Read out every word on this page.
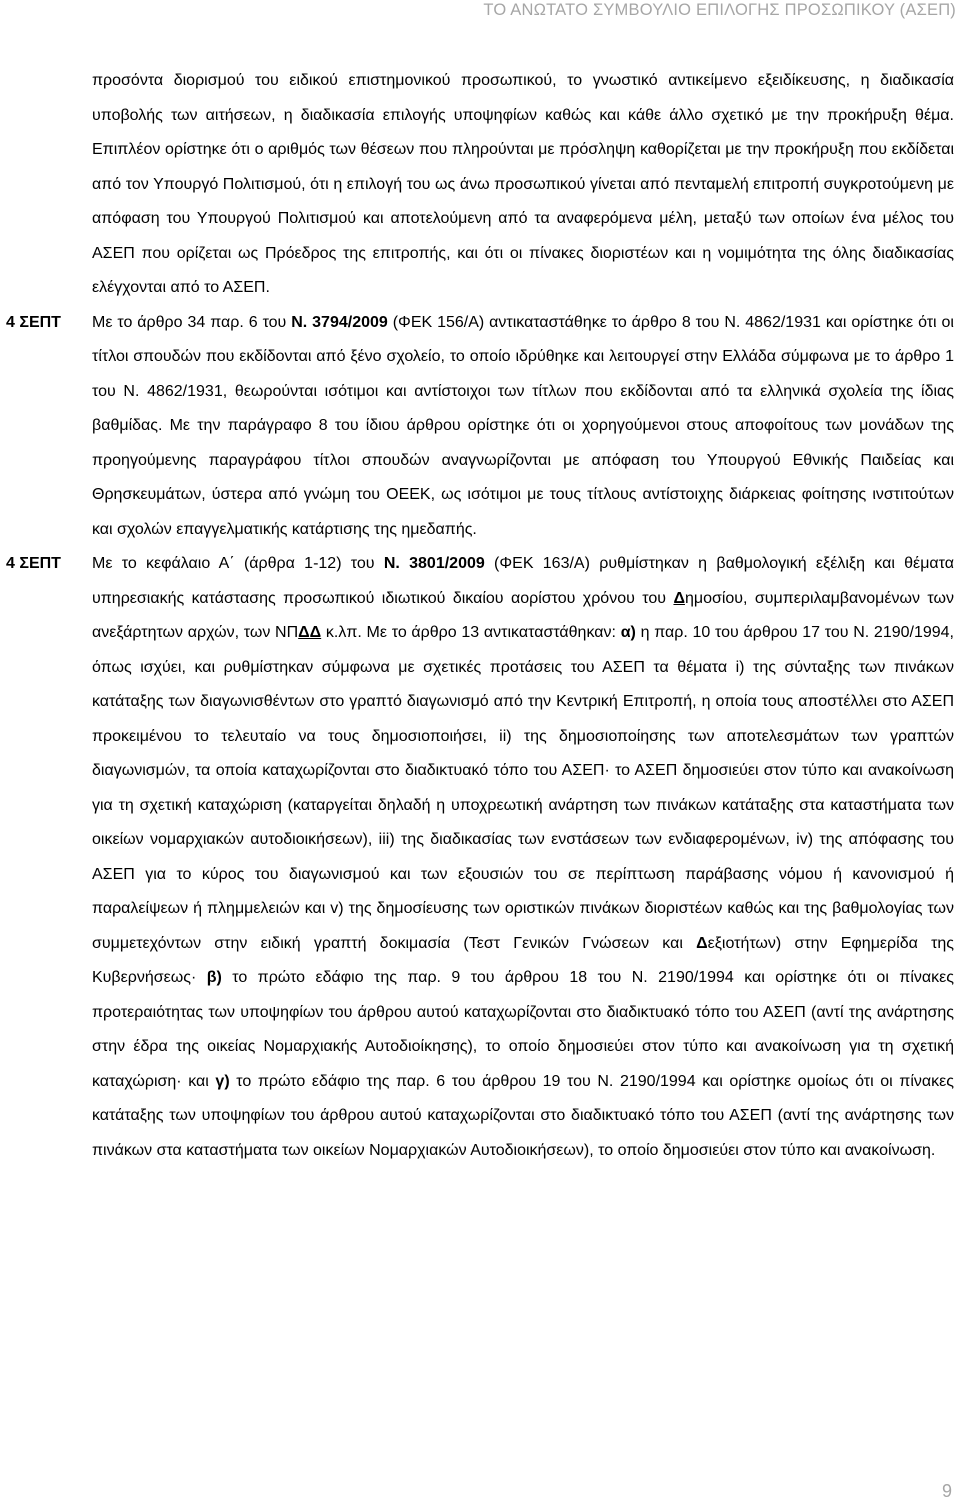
ΤΟ ΑΝΩΤΑΤΟ ΣΥΜΒΟΥΛΙΟ ΕΠΙΛΟΓΗΣ ΠΡΟΣΩΠΙΚΟΥ (ΑΣΕΠ)

προσόντα διορισμού του ειδικού επιστημονικού προσωπικού, το γνωστικό αντικείμενο εξειδίκευσης, η διαδικασία υποβολής των αιτήσεων, η διαδικασία επιλογής υποψηφίων καθώς και κάθε άλλο σχετικό με την προκήρυξη θέμα. Επιπλέον ορίστηκε ότι ο αριθμός των θέσεων που πληρούνται με πρόσληψη καθορίζεται με την προκήρυξη που εκδίδεται από τον Υπουργό Πολιτισμού, ότι η επιλογή του ως άνω προσωπικού γίνεται από πενταμελή επιτροπή συγκροτούμενη με απόφαση του Υπουργού Πολιτισμού και αποτελούμενη από τα αναφερόμενα μέλη, μεταξύ των οποίων ένα μέλος του ΑΣΕΠ που ορίζεται ως Πρόεδρος της επιτροπής, και ότι οι πίνακες διοριστέων και η νομιμότητα της όλης διαδικασίας ελέγχονται από το ΑΣΕΠ.

4 ΣΕΠΤ Με το άρθρο 34 παρ. 6 του Ν. 3794/2009 (ΦΕΚ 156/Α) αντικαταστάθηκε το άρθρο 8 του Ν. 4862/1931 και ορίστηκε ότι οι τίτλοι σπουδών που εκδίδονται από ξένο σχολείο, το οποίο ιδρύθηκε και λειτουργεί στην Ελλάδα σύμφωνα με το άρθρο 1 του Ν. 4862/1931, θεωρούνται ισότιμοι και αντίστοιχοι των τίτλων που εκδίδονται από τα ελληνικά σχολεία της ίδιας βαθμίδας. Με την παράγραφο 8 του ίδιου άρθρου ορίστηκε ότι οι χορηγούμενοι στους αποφοίτους των μονάδων της προηγούμενης παραγράφου τίτλοι σπουδών αναγνωρίζονται με απόφαση του Υπουργού Εθνικής Παιδείας και Θρησκευμάτων, ύστερα από γνώμη του ΟΕΕΚ, ως ισότιμοι με τους τίτλους αντίστοιχης διάρκειας φοίτησης ινστιτούτων και σχολών επαγγελματικής κατάρτισης της ημεδαπής.

4 ΣΕΠΤ Με το κεφάλαιο Α΄ (άρθρα 1-12) του Ν. 3801/2009 (ΦΕΚ 163/Α) ρυθμίστηκαν η βαθμολογική εξέλιξη και θέματα υπηρεσιακής κατάστασης προσωπικού ιδιωτικού δικαίου αορίστου χρόνου του Δημοσίου, συμπεριλαμβανομένων των ανεξάρτητων αρχών, των ΝΠΔΔ κ.λπ. Με το άρθρο 13 αντικαταστάθηκαν: α) η παρ. 10 του άρθρου 17 του Ν. 2190/1994, όπως ισχύει, και ρυθμίστηκαν σύμφωνα με σχετικές προτάσεις του ΑΣΕΠ τα θέματα i) της σύνταξης των πινάκων κατάταξης των διαγωνισθέντων στο γραπτό διαγωνισμό από την Κεντρική Επιτροπή, η οποία τους αποστέλλει στο ΑΣΕΠ προκειμένου το τελευταίο να τους δημοσιοποιήσει, ii) της δημοσιοποίησης των αποτελεσμάτων των γραπτών διαγωνισμών, τα οποία καταχωρίζονται στο διαδικτυακό τόπο του ΑΣΕΠ· το ΑΣΕΠ δημοσιεύει στον τύπο και ανακοίνωση για τη σχετική καταχώριση (καταργείται δηλαδή η υποχρεωτική ανάρτηση των πινάκων κατάταξης στα καταστήματα των οικείων νομαρχιακών αυτοδιοικήσεων), iii) της διαδικασίας των ενστάσεων των ενδιαφερομένων, iv) της απόφασης του ΑΣΕΠ για το κύρος του διαγωνισμού και των εξουσιών του σε περίπτωση παράβασης νόμου ή κανονισμού ή παραλείψεων ή πλημμελειών και v) της δημοσίευσης των οριστικών πινάκων διοριστέων καθώς και της βαθμολογίας των συμμετεχόντων στην ειδική γραπτή δοκιμασία (Τεστ Γενικών Γνώσεων και Δεξιοτήτων) στην Εφημερίδα της Κυβερνήσεως· β) το πρώτο εδάφιο της παρ. 9 του άρθρου 18 του Ν. 2190/1994 και ορίστηκε ότι οι πίνακες προτεραιότητας των υποψηφίων του άρθρου αυτού καταχωρίζονται στο διαδικτυακό τόπο του ΑΣΕΠ (αντί της ανάρτησης στην έδρα της οικείας Νομαρχιακής Αυτοδιοίκησης), το οποίο δημοσιεύει στον τύπο και ανακοίνωση για τη σχετική καταχώριση· και γ) το πρώτο εδάφιο της παρ. 6 του άρθρου 19 του Ν. 2190/1994 και ορίστηκε ομοίως ότι οι πίνακες κατάταξης των υποψηφίων του άρθρου αυτού καταχωρίζονται στο διαδικτυακό τόπο του ΑΣΕΠ (αντί της ανάρτησης των πινάκων στα καταστήματα των οικείων Νομαρχιακών Αυτοδιοικήσεων), το οποίο δημοσιεύει στον τύπο και ανακοίνωση.

9
